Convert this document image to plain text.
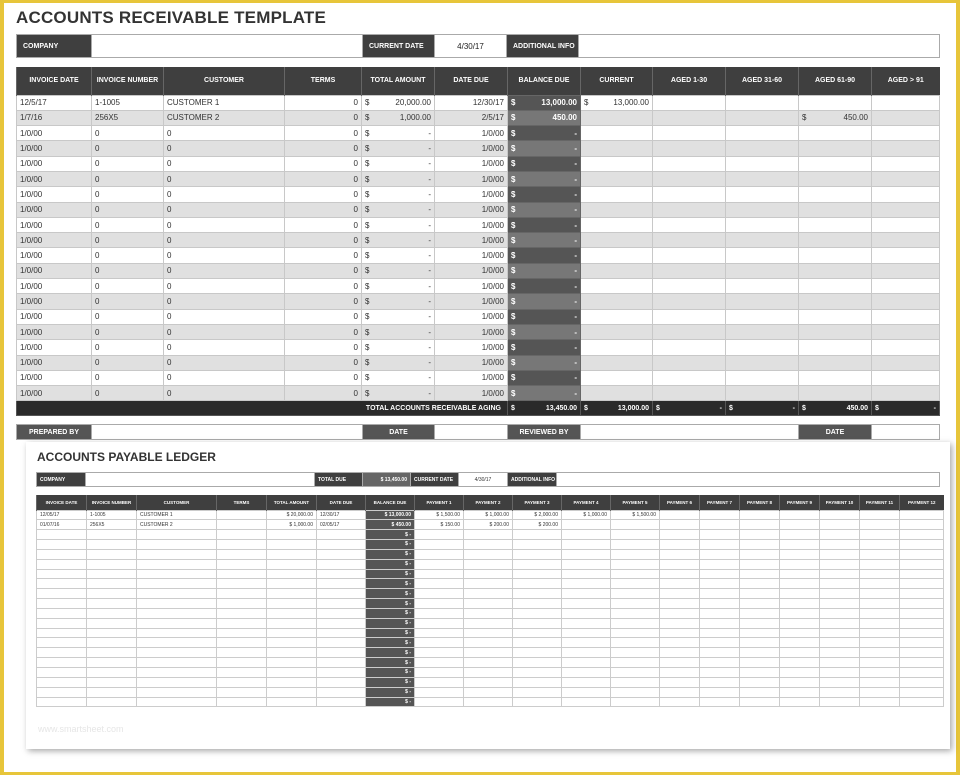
ACCOUNTS RECEIVABLE TEMPLATE
COMPANY		CURRENT DATE	4/30/17	ADDITIONAL INFO	
INVOICE DATE	INVOICE NUMBER	CUSTOMER	TERMS	TOTAL AMOUNT	DATE DUE	BALANCE DUE	CURRENT	AGED 1-30	AGED 31-60	AGED 61-90	AGED > 91
12/5/17	1-1005	CUSTOMER 1	0	$ 20,000.00	12/30/17	$ 13,000.00	$ 13,000.00				

1/7/16	256X5	CUSTOMER 2	0	$ 1,000.00	2/5/17	$ 450.00				$ 450.00	

1/0/00	0	0	0	$ -	1/0/00	$ -					

1/0/00	0	0	0	$ -	1/0/00	$ -					

1/0/00	0	0	0	$ -	1/0/00	$ -					

1/0/00	0	0	0	$ -	1/0/00	$ -					

1/0/00	0	0	0	$ -	1/0/00	$ -					

1/0/00	0	0	0	$ -	1/0/00	$ -					

1/0/00	0	0	0	$ -	1/0/00	$ -					

1/0/00	0	0	0	$ -	1/0/00	$ -					

1/0/00	0	0	0	$ -	1/0/00	$ -					

1/0/00	0	0	0	$ -	1/0/00	$ -					

1/0/00	0	0	0	$ -	1/0/00	$ -					

1/0/00	0	0	0	$ -	1/0/00	$ -					

1/0/00	0	0	0	$ -	1/0/00	$ -					

1/0/00	0	0	0	$ -	1/0/00	$ -					

1/0/00	0	0	0	$ -	1/0/00	$ -					

1/0/00	0	0	0	$ -	1/0/00	$ -					

1/0/00	0	0	0	$ -	1/0/00	$ -					

1/0/00	0	0	0	$ -	1/0/00	$ -					

TOTAL ACCOUNTS RECEIVABLE AGING						$ 13,450.00	$ 13,000.00	$ -	$ -	$ 450.00	$ -
PREPARED BY		DATE		REVIEWED BY		DATE	
ACCOUNTS PAYABLE LEDGER
COMPANY		TOTAL DUE	$ 13,450.00	CURRENT DATE	4/30/17	ADDITIONAL INFO	
INVOICE DATE	INVOICE NUMBER	CUSTOMER	TERMS	TOTAL AMOUNT	DATE DUE	BALANCE DUE	PAYMENT 1	PAYMENT 2	PAYMENT 3	PAYMENT 4	PAYMENT 5	PAYMENT 6	PAYMENT 7	PAYMENT 8	PAYMENT 9	PAYMENT 10	PAYMENT 11	PAYMENT 12
12/05/17	1-1005	CUSTOMER 1		$ 20,000.00	12/30/17	$ 13,000.00	$ 1,500.00	$ 1,000.00	$ 2,000.00	$ 1,000.00	$ 1,500.00							
01/07/16	256X5	CUSTOMER 2		$ 1,000.00	02/05/17	$ 450.00	$ 150.00	$ 200.00	$ 200.00									
						$ -												
						$ -												
						$ -												
						$ -												
						$ -												
						$ -												
						$ -												
						$ -												
						$ -												
						$ -												
						$ -												
						$ -												
						$ -												
						$ -												
						$ -												
						$ -												
						$ -												
						$ -												
www.smartsheet.com
